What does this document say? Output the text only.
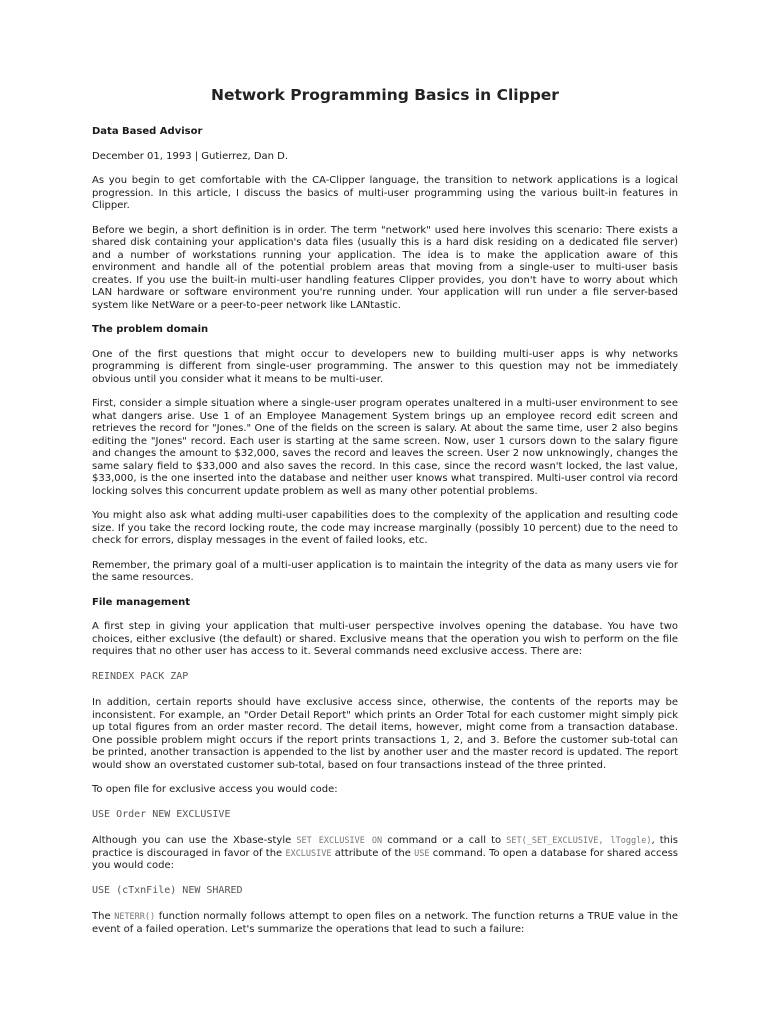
Network Programming Basics in Clipper
Data Based Advisor
December 01, 1993 | Gutierrez, Dan D.

As you begin to get comfortable with the CA-Clipper language, the transition to network applications is a logical progression. In this article, I discuss the basics of multi-user programming using the various built-in features in Clipper.

Before we begin, a short definition is in order. The term "network" used here involves this scenario: There exists a shared disk containing your application's data files (usually this is a hard disk residing on a dedicated file server) and a number of workstations running your application. The idea is to make the application aware of this environment and handle all of the potential problem areas that moving from a single-user to multi-user basis creates. If you use the built-in multi-user handling features Clipper provides, you don't have to worry about which LAN hardware or software environment you're running under. Your application will run under a file server-based system like NetWare or a peer-to-peer network like LANtastic.

The problem domain

One of the first questions that might occur to developers new to building multi-user apps is why networks programming is different from single-user programming. The answer to this question may not be immediately obvious until you consider what it means to be multi-user.

First, consider a simple situation where a single-user program operates unaltered in a multi-user environment to see what dangers arise. Use 1 of an Employee Management System brings up an employee record edit screen and retrieves the record for "Jones." One of the fields on the screen is salary. At about the same time, user 2 also begins editing the "Jones" record. Each user is starting at the same screen. Now, user 1 cursors down to the salary figure and changes the amount to $32,000, saves the record and leaves the screen. User 2 now unknowingly, changes the same salary field to $33,000 and also saves the record. In this case, since the record wasn't locked, the last value, $33,000, is the one inserted into the database and neither user knows what transpired. Multi-user control via record locking solves this concurrent update problem as well as many other potential problems.

You might also ask what adding multi-user capabilities does to the complexity of the application and resulting code size. If you take the record locking route, the code may increase marginally (possibly 10 percent) due to the need to check for errors, display messages in the event of failed looks, etc.

Remember, the primary goal of a multi-user application is to maintain the integrity of the data as many users vie for the same resources.

File management

A first step in giving your application that multi-user perspective involves opening the database. You have two choices, either exclusive (the default) or shared. Exclusive means that the operation you wish to perform on the file requires that no other user has access to it. Several commands need exclusive access. There are:

REINDEX PACK ZAP

In addition, certain reports should have exclusive access since, otherwise, the contents of the reports may be inconsistent. For example, an "Order Detail Report" which prints an Order Total for each customer might simply pick up total figures from an order master record. The detail items, however, might come from a transaction database. One possible problem might occurs if the report prints transactions 1, 2, and 3. Before the customer sub-total can be printed, another transaction is appended to the list by another user and the master record is updated. The report would show an overstated customer sub-total, based on four transactions instead of the three printed.

To open file for exclusive access you would code:

USE Order NEW EXCLUSIVE

Although you can use the Xbase-style SET EXCLUSIVE ON command or a call to SET(_SET_EXCLUSIVE, lToggle), this practice is discouraged in favor of the EXCLUSIVE attribute of the USE command. To open a database for shared access you would code:

USE (cTxnFile) NEW SHARED

The NETERR() function normally follows attempt to open files on a network. The function returns a TRUE value in the event of a failed operation. Let's summarize the operations that lead to such a failure:
